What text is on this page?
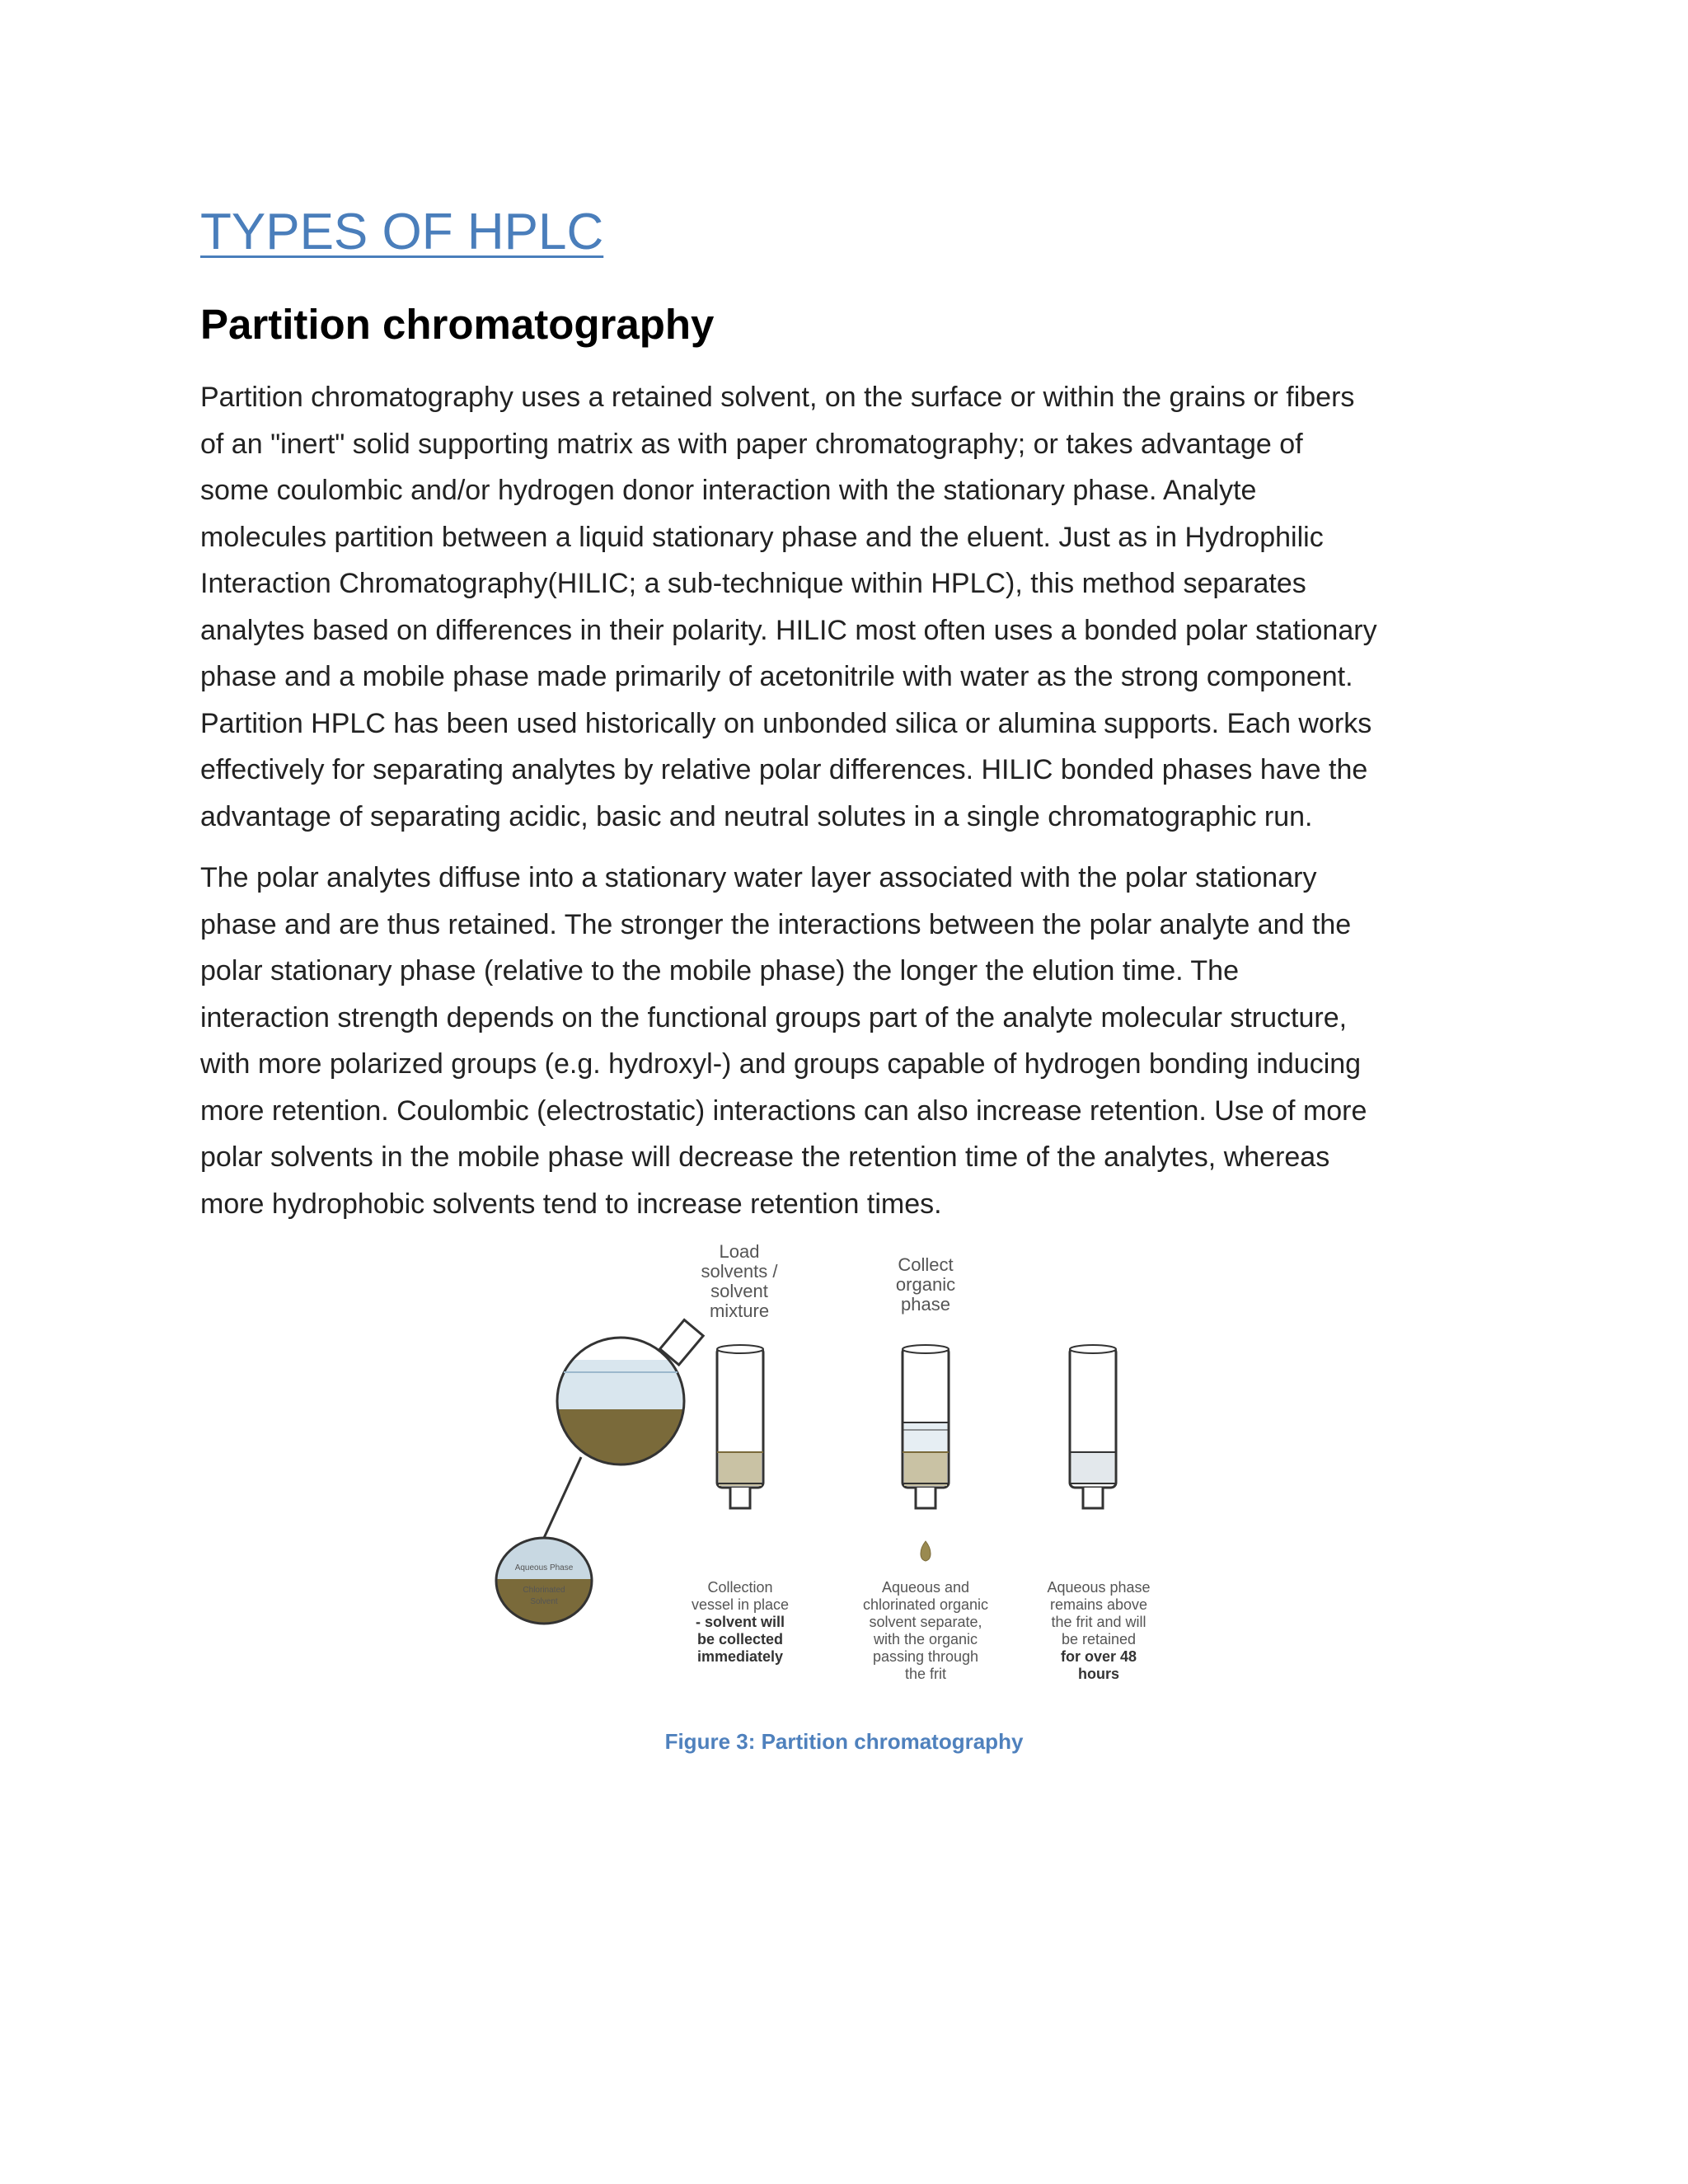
TYPES OF HPLC
Partition chromatography
Partition chromatography uses a retained solvent, on the surface or within the grains or fibers
of an "inert" solid supporting matrix as with paper chromatography; or takes advantage of
some coulombic and/or hydrogen donor interaction with the stationary phase. Analyte
molecules partition between a liquid stationary phase and the eluent. Just as in Hydrophilic
Interaction Chromatography(HILIC; a sub-technique within HPLC), this method separates
analytes based on differences in their polarity. HILIC most often uses a bonded polar stationary
phase and a mobile phase made primarily of acetonitrile with water as the strong component.
Partition HPLC has been used historically on unbonded silica or alumina supports. Each works
effectively for separating analytes by relative polar differences. HILIC bonded phases have the
advantage of separating acidic, basic and neutral solutes in a single chromatographic run.
The polar analytes diffuse into a stationary water layer associated with the polar stationary
phase and are thus retained. The stronger the interactions between the polar analyte and the
polar stationary phase (relative to the mobile phase) the longer the elution time. The
interaction strength depends on the functional groups part of the analyte molecular structure,
with more polarized groups (e.g. hydroxyl-) and groups capable of hydrogen bonding inducing
more retention. Coulombic (electrostatic) interactions can also increase retention. Use of more
polar solvents in the mobile phase will decrease the retention time of the analytes, whereas
more hydrophobic solvents tend to increase retention times.
Load
solvents /
solvent
mixture
Collect
organic
phase
Aqueous Phase
Chlorinated
Solvent
Collection
vessel in place
- solvent will
be collected
immediately
Aqueous and
chlorinated organic
solvent separate,
with the organic
passing through
the frit
Aqueous phase
remains above
the frit and will
be retained
for over 48
hours
Figure 3: Partition chromatography
